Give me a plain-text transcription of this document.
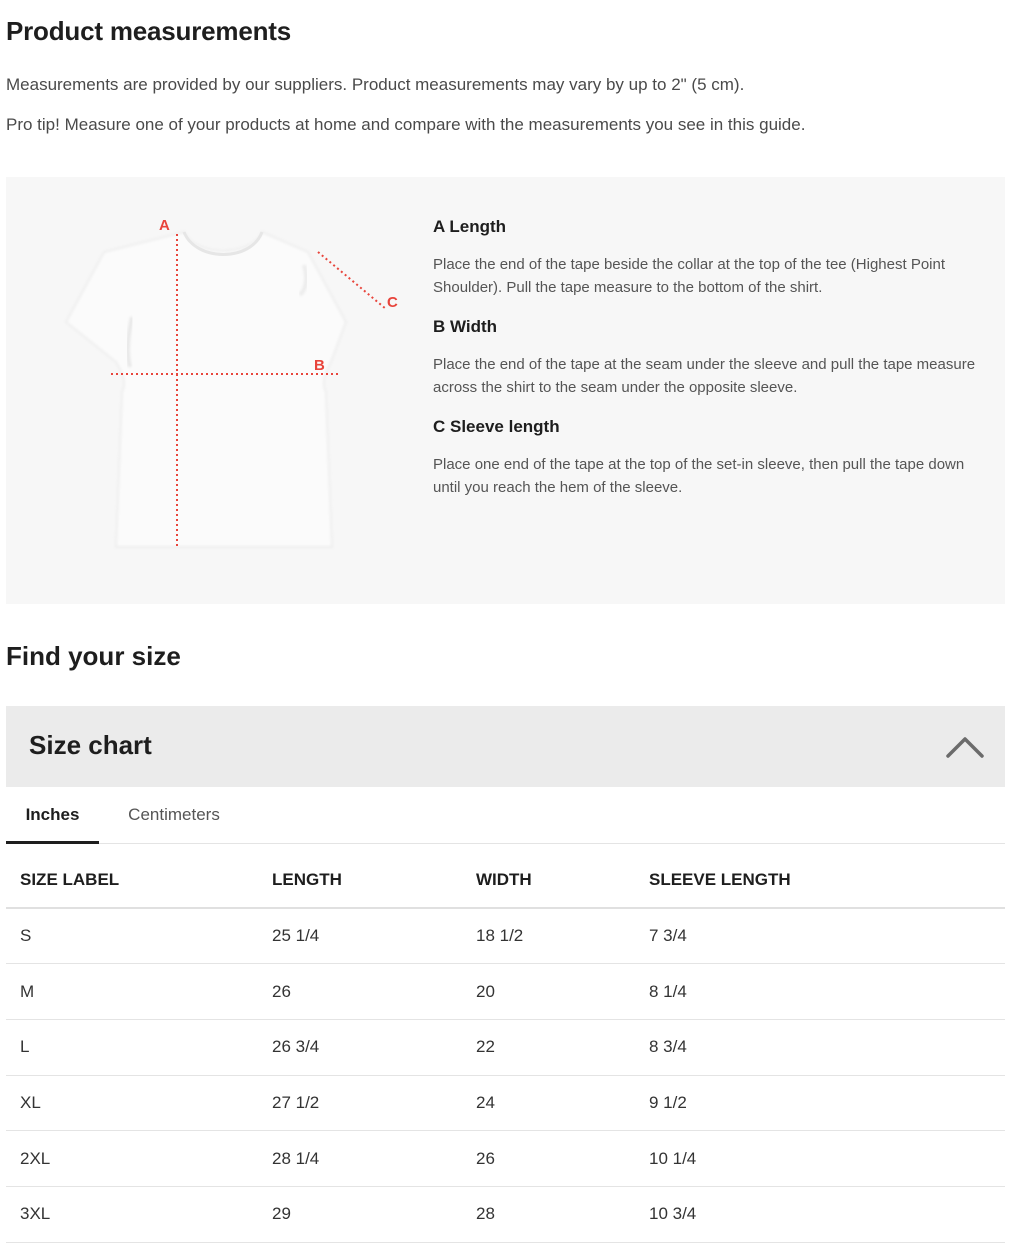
Product measurements

Measurements are provided by our suppliers. Product measurements may vary by up to 2" (5 cm).

Pro tip! Measure one of your products at home and compare with the measurements you see in this guide.

A
B
C
A Length

Place the end of the tape beside the collar at the top of the tee (Highest Point Shoulder). Pull the tape measure to the bottom of the shirt.

B Width

Place the end of the tape at the seam under the sleeve and pull the tape measure across the shirt to the seam under the opposite sleeve.

C Sleeve length

Place one end of the tape at the top of the set-in sleeve, then pull the tape down until you reach the hem of the sleeve.

Find your size
Size chart
Inches	Centimeters
SIZE LABEL	LENGTH	WIDTH	SLEEVE LENGTH
S	25 1/4	18 1/2	7 3/4
M	26	20	8 1/4
L	26 3/4	22	8 3/4
XL	27 1/2	24	9 1/2
2XL	28 1/4	26	10 1/4
3XL	29	28	10 3/4
